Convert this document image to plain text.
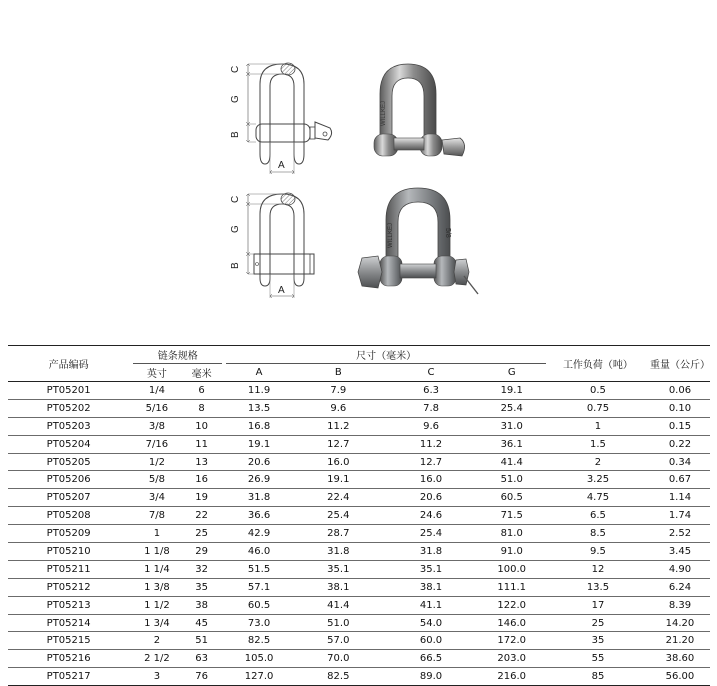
C
G
B
A
C
G
B
A
WILLKEJ
WILLKEJ	5/8
产品编码		链条规格			尺寸（毫米）					工作负荷（吨）		重量（公斤）
		英寸	毫米		A	B	C	G				
PT05201		1/4	6		11.9	7.9	6.3	19.1		0.5		0.06
PT05202		5/16	8		13.5	9.6	7.8	25.4		0.75		0.10
PT05203		3/8	10		16.8	11.2	9.6	31.0		1		0.15
PT05204		7/16	11		19.1	12.7	11.2	36.1		1.5		0.22
PT05205		1/2	13		20.6	16.0	12.7	41.4		2		0.34
PT05206		5/8	16		26.9	19.1	16.0	51.0		3.25		0.67
PT05207		3/4	19		31.8	22.4	20.6	60.5		4.75		1.14
PT05208		7/8	22		36.6	25.4	24.6	71.5		6.5		1.74
PT05209		1	25		42.9	28.7	25.4	81.0		8.5		2.52
PT05210		1 1/8	29		46.0	31.8	31.8	91.0		9.5		3.45
PT05211		1 1/4	32		51.5	35.1	35.1	100.0		12		4.90
PT05212		1 3/8	35		57.1	38.1	38.1	111.1		13.5		6.24
PT05213		1 1/2	38		60.5	41.4	41.1	122.0		17		8.39
PT05214		1 3/4	45		73.0	51.0	54.0	146.0		25		14.20
PT05215		2	51		82.5	57.0	60.0	172.0		35		21.20
PT05216		2 1/2	63		105.0	70.0	66.5	203.0		55		38.60
PT05217		3	76		127.0	82.5	89.0	216.0		85		56.00
